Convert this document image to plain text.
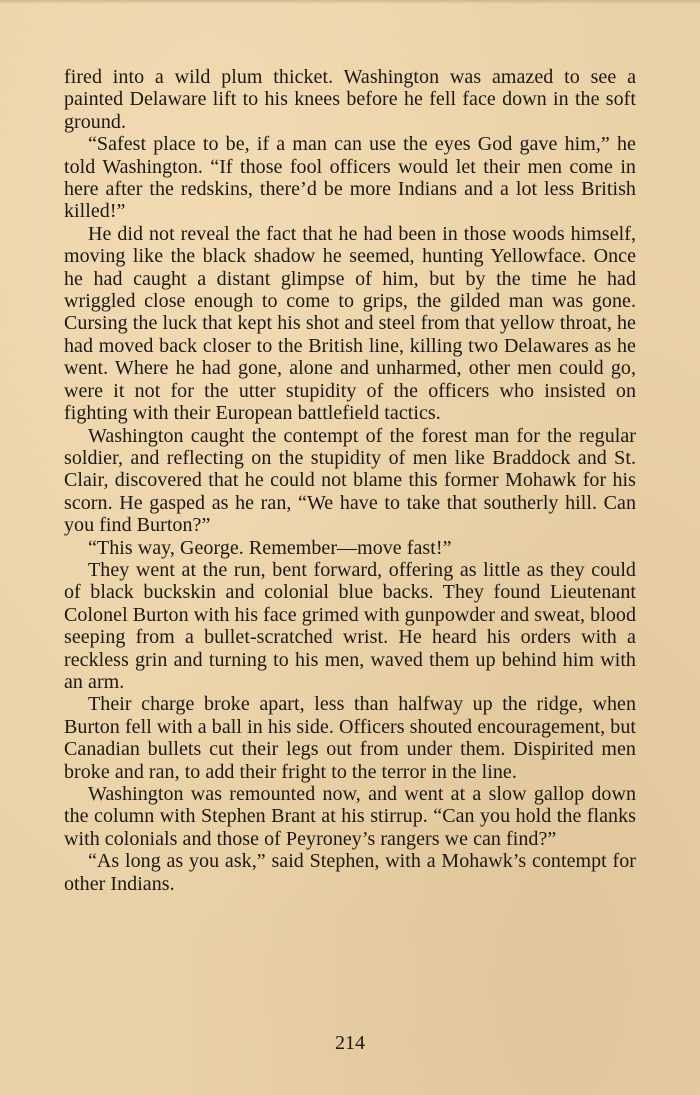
fired into a wild plum thicket. Washington was amazed to see a painted Delaware lift to his knees before he fell face down in the soft ground.

“Safest place to be, if a man can use the eyes God gave him,” he told Washington. “If those fool officers would let their men come in here after the redskins, there’d be more Indians and a lot less British killed!”

He did not reveal the fact that he had been in those woods himself, moving like the black shadow he seemed, hunting Yellowface. Once he had caught a distant glimpse of him, but by the time he had wriggled close enough to come to grips, the gilded man was gone. Cursing the luck that kept his shot and steel from that yellow throat, he had moved back closer to the British line, killing two Delawares as he went. Where he had gone, alone and unharmed, other men could go, were it not for the utter stupidity of the officers who insisted on fighting with their European battlefield tactics.

Washington caught the contempt of the forest man for the regular soldier, and reflecting on the stupidity of men like Braddock and St. Clair, discovered that he could not blame this former Mohawk for his scorn. He gasped as he ran, “We have to take that southerly hill. Can you find Burton?”

“This way, George. Remember—move fast!”

They went at the run, bent forward, offering as little as they could of black buckskin and colonial blue backs. They found Lieutenant Colonel Burton with his face grimed with gunpowder and sweat, blood seeping from a bullet-scratched wrist. He heard his orders with a reckless grin and turning to his men, waved them up behind him with an arm.

Their charge broke apart, less than halfway up the ridge, when Burton fell with a ball in his side. Officers shouted encouragement, but Canadian bullets cut their legs out from under them. Dispirited men broke and ran, to add their fright to the terror in the line.

Washington was remounted now, and went at a slow gallop down the column with Stephen Brant at his stirrup. “Can you hold the flanks with colonials and those of Peyroney’s rangers we can find?”

“As long as you ask,” said Stephen, with a Mohawk’s contempt for other Indians.

214
